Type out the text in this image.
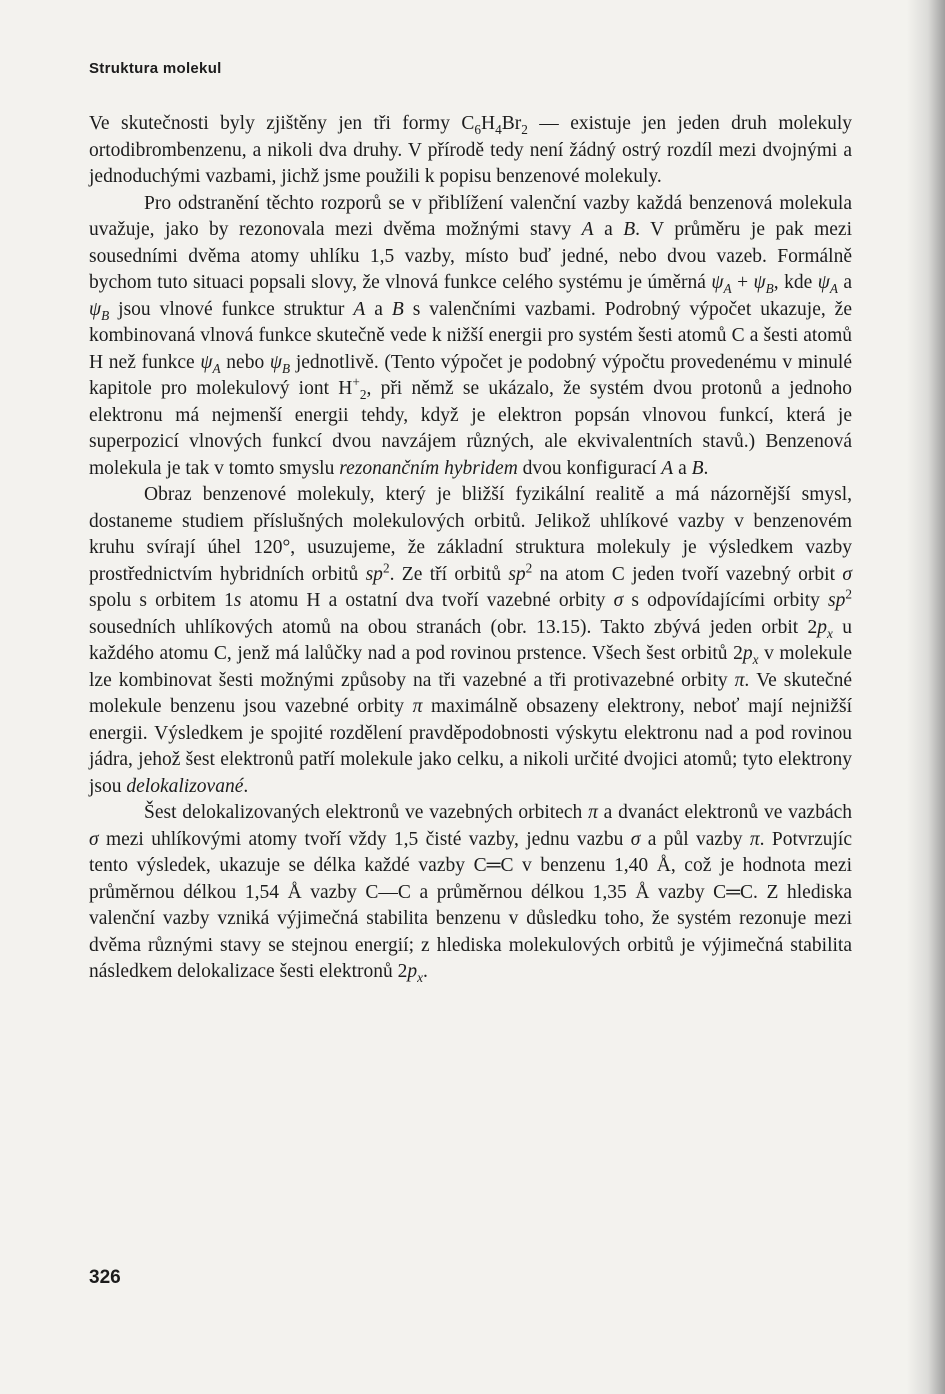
Struktura molekul

Ve skutečnosti byly zjištěny jen tři formy $C_6H_4Br_2$ — existuje jen jeden druh molekuly ortodibrombenzenu, a nikoli dva druhy. V přírodě tedy není žádný ostrý rozdíl mezi dvojnými a jednoduchými vazbami, jichž jsme použili k popisu benzenové molekuly.

Pro odstranění těchto rozporů se v přiblížení valenční vazby každá benzenová molekula uvažuje, jako by rezonovala mezi dvěma možnými stavy A a B. V průměru je pak mezi sousedními dvěma atomy uhlíku 1,5 vazby, místo buď jedné, nebo dvou vazeb. Formálně bychom tuto situaci popsali slovy, že vlnová funkce celého systému je úměrná $\psi_A + \psi_B$, kde $\psi_A$ a $\psi_B$ jsou vlnové funkce struktur A a B s valenčními vazbami. Podrobný výpočet ukazuje, že kombinovaná vlnová funkce skutečně vede k nižší energii pro systém šesti atomů C a šesti atomů H než funkce $\psi_A$ nebo $\psi_B$ jednotlivě. (Tento výpočet je podobný výpočtu provedenému v minulé kapitole pro molekulový iont $H^+_2$, při němž se ukázalo, že systém dvou protonů a jednoho elektronu má nejmenší energii tehdy, když je elektron popsán vlnovou funkcí, která je superpozicí vlnových funkcí dvou navzájem různých, ale ekvivalentních stavů.) Benzenová molekula je tak v tomto smyslu rezonančním hybridem dvou konfigurací A a B.

Obraz benzenové molekuly, který je bližší fyzikální realitě a má názornější smysl, dostaneme studiem příslušných molekulových orbitů. Jelikož uhlíkové vazby v benzenovém kruhu svírají úhel 120°, usuzujeme, že základní struktura molekuly je výsledkem vazby prostřednictvím hybridních orbitů $sp^2$. Ze tří orbitů $sp^2$ na atom C jeden tvoří vazebný orbit σ spolu s orbitem 1s atomu H a ostatní dva tvoří vazebné orbity σ s odpovídajícími orbity $sp^2$ sousedních uhlíkových atomů na obou stranách (obr. 13.15). Takto zbývá jeden orbit $2p_x$ u každého atomu C, jenž má lalůčky nad a pod rovinou prstence. Všech šest orbitů $2p_x$ v molekule lze kombinovat šesti možnými způsoby na tři vazebné a tři protivazebné orbity π. Ve skutečné molekule benzenu jsou vazebné orbity π maximálně obsazeny elektrony, neboť mají nejnižší energii. Výsledkem je spojité rozdělení pravděpodobnosti výskytu elektronu nad a pod rovinou jádra, jehož šest elektronů patří molekule jako celku, a nikoli určité dvojici atomů; tyto elektrony jsou delokalizované.

Šest delokalizovaných elektronů ve vazebných orbitech π a dvanáct elektronů ve vazbách σ mezi uhlíkovými atomy tvoří vždy 1,5 čisté vazby, jednu vazbu σ a půl vazby π. Potvrzujíc tento výsledek, ukazuje se délka každé vazby C═C v benzenu 1,40 Å, což je hodnota mezi průměrnou délkou 1,54 Å vazby C—C a průměrnou délkou 1,35 Å vazby C═C. Z hlediska valenční vazby vzniká výjimečná stabilita benzenu v důsledku toho, že systém rezonuje mezi dvěma různými stavy se stejnou energií; z hlediska molekulových orbitů je výjimečná stabilita následkem delokalizace šesti elektronů $2p_x$.

326
